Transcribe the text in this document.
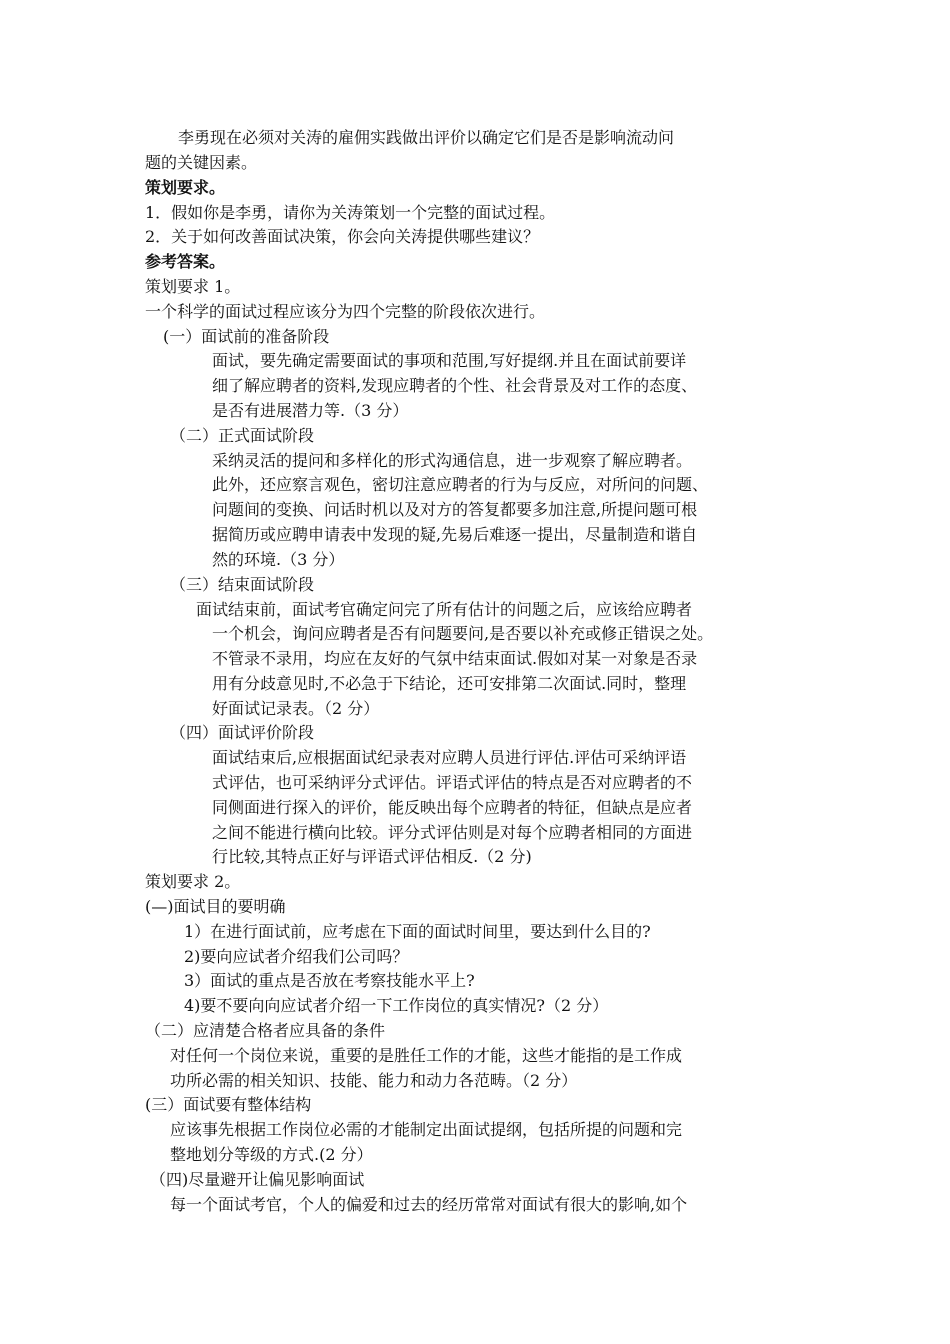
李勇现在必须对关涛的雇佣实践做出评价以确定它们是否是影响流动问
题的关键因素。
策划要求。
1．假如你是李勇，请你为关涛策划一个完整的面试过程。
2．关于如何改善面试决策，你会向关涛提供哪些建议？
参考答案。
策划要求 1。
一个科学的面试过程应该分为四个完整的阶段依次进行。
(一）面试前的准备阶段
面试，要先确定需要面试的事项和范围,写好提纲.并且在面试前要详
细了解应聘者的资料,发现应聘者的个性、社会背景及对工作的态度、
是否有进展潜力等.（3 分）
（二）正式面试阶段
采纳灵活的提问和多样化的形式沟通信息，进一步观察了解应聘者。
此外，还应察言观色，密切注意应聘者的行为与反应，对所问的问题、
问题间的变换、问话时机以及对方的答复都要多加注意,所提问题可根
据简历或应聘申请表中发现的疑,先易后难逐一提出，尽量制造和谐自
然的环境.（3 分）
（三）结束面试阶段
面试结束前，面试考官确定问完了所有估计的问题之后，应该给应聘者
一个机会，询问应聘者是否有问题要问,是否要以补充或修正错误之处。
不管录不录用，均应在友好的气氛中结束面试.假如对某一对象是否录
用有分歧意见时,不必急于下结论，还可安排第二次面试.同时，整理
好面试记录表。（2 分）
（四）面试评价阶段
面试结束后,应根据面试纪录表对应聘人员进行评估.评估可采纳评语
式评估，也可采纳评分式评估。评语式评估的特点是否对应聘者的不
同侧面进行探入的评价，能反映出每个应聘者的特征，但缺点是应者
之间不能进行横向比较。评分式评估则是对每个应聘者相同的方面进
行比较,其特点正好与评语式评估相反.（2 分)
策划要求 2。
(—)面试目的要明确
1）在进行面试前，应考虑在下面的面试时间里，要达到什么目的?
2)要向应试者介绍我们公司吗？
3）面试的重点是否放在考察技能水平上?
4)要不要向向应试者介绍一下工作岗位的真实情况?（2 分）
（二）应清楚合格者应具备的条件
对任何一个岗位来说，重要的是胜任工作的才能，这些才能指的是工作成
功所必需的相关知识、技能、能力和动力各范畴。（2 分）
(三）面试要有整体结构
应该事先根据工作岗位必需的才能制定出面试提纲，包括所提的问题和完
整地划分等级的方式.(2 分）
（四)尽量避开让偏见影响面试
每一个面试考官，个人的偏爱和过去的经历常常对面试有很大的影响,如个
